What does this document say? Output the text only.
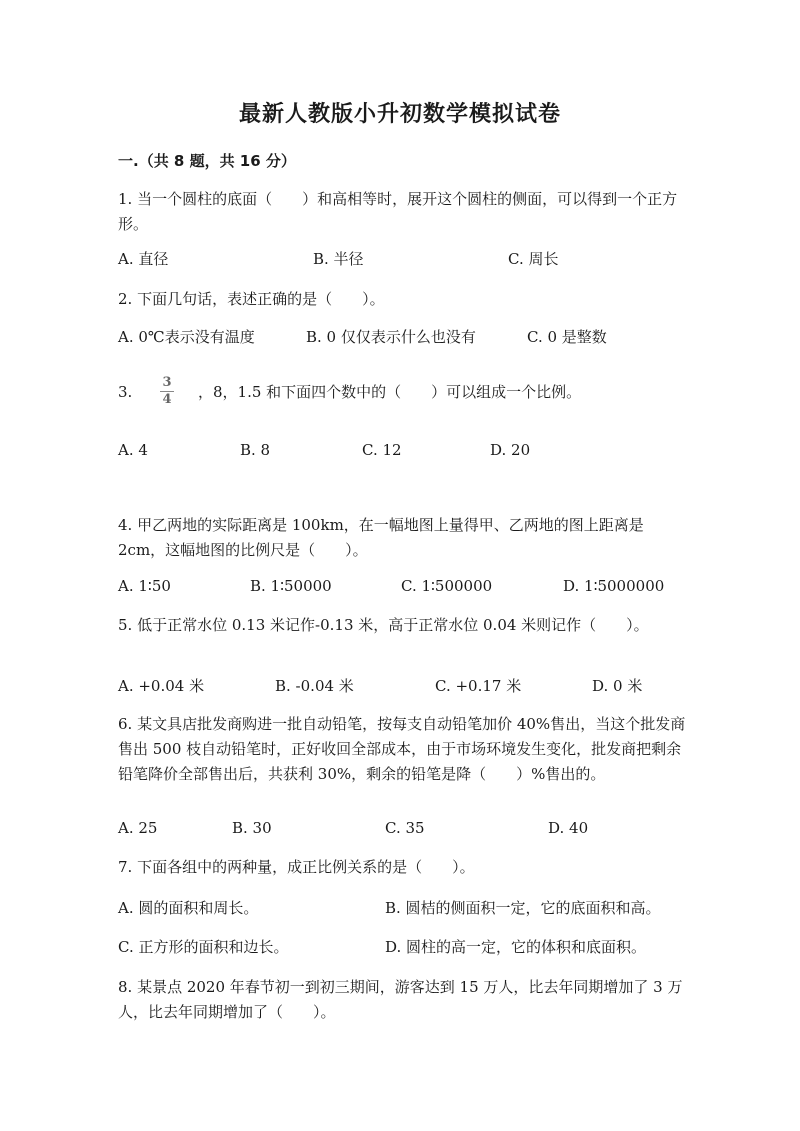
最新人教版小升初数学模拟试卷
一.（共 8 题，共 16 分）
1. 当一个圆柱的底面（　　）和高相等时，展开这个圆柱的侧面，可以得到一个正方形。
A. 直径	B. 半径	C. 周长
2. 下面几句话，表述正确的是（　　）。
A. 0℃表示没有温度	B. 0 仅仅表示什么也没有	C. 0 是整数
3.
3
4 ，8，1.5 和下面四个数中的（　　）可以组成一个比例。
A. 4	B. 8	C. 12	D. 20
4. 甲乙两地的实际距离是 100km，在一幅地图上量得甲、乙两地的图上距离是 2cm，这幅地图的比例尺是（　　）。
A. 1∶50	B. 1∶50000	C. 1∶500000	D. 1∶5000000
5. 低于正常水位 0.13 米记作-0.13 米，高于正常水位 0.04 米则记作（　　）。
A. +0.04 米	B. -0.04 米	C. +0.17 米	D. 0 米
6. 某文具店批发商购进一批自动铅笔，按每支自动铅笔加价 40%售出，当这个批发商售出 500 枝自动铅笔时，正好收回全部成本，由于市场环境发生变化，批发商把剩余铅笔降价全部售出后，共获利 30%，剩余的铅笔是降（　　）%售出的。
A. 25	B. 30	C. 35	D. 40
7. 下面各组中的两种量，成正比例关系的是（　　）。
A. 圆的面积和周长。	B. 圆桔的侧面积一定，它的底面积和高。
C. 正方形的面积和边长。	D. 圆柱的高一定，它的体积和底面积。
8. 某景点 2020 年春节初一到初三期间，游客达到 15 万人，比去年同期增加了 3 万人，比去年同期增加了（　　）。
